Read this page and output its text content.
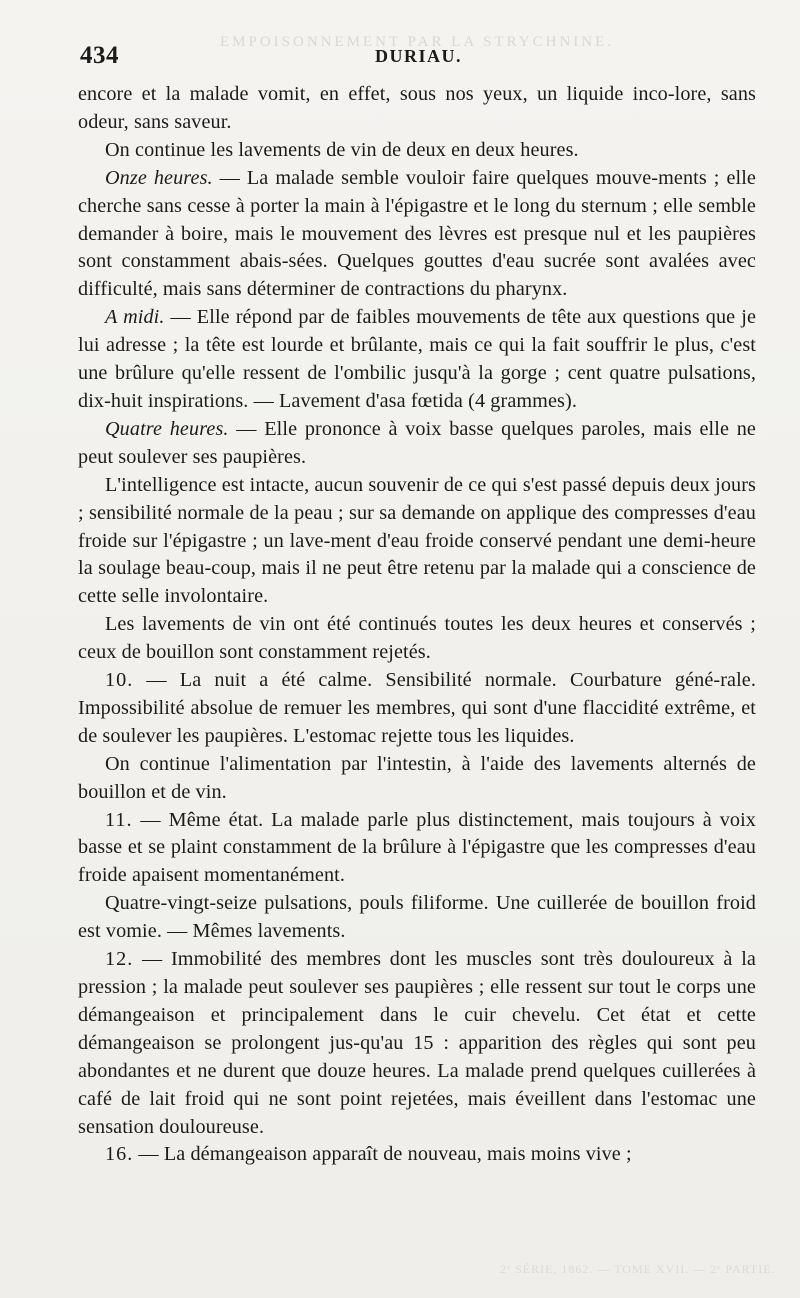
EMPOISONNEMENT PAR LA STRYCHNINE.
434	DURIAU.

encore et la malade vomit, en effet, sous nos yeux, un liquide inco-lore, sans odeur, sans saveur.

On continue les lavements de vin de deux en deux heures.

Onze heures. — La malade semble vouloir faire quelques mouve-ments ; elle cherche sans cesse à porter la main à l'épigastre et le long du sternum ; elle semble demander à boire, mais le mouvement des lèvres est presque nul et les paupières sont constamment abais-sées. Quelques gouttes d'eau sucrée sont avalées avec difficulté, mais sans déterminer de contractions du pharynx.

A midi. — Elle répond par de faibles mouvements de tête aux questions que je lui adresse ; la tête est lourde et brûlante, mais ce qui la fait souffrir le plus, c'est une brûlure qu'elle ressent de l'ombilic jusqu'à la gorge ; cent quatre pulsations, dix-huit inspirations. — Lavement d'asa fœtida (4 grammes).

Quatre heures. — Elle prononce à voix basse quelques paroles, mais elle ne peut soulever ses paupières.

L'intelligence est intacte, aucun souvenir de ce qui s'est passé depuis deux jours ; sensibilité normale de la peau ; sur sa demande on applique des compresses d'eau froide sur l'épigastre ; un lave-ment d'eau froide conservé pendant une demi-heure la soulage beau-coup, mais il ne peut être retenu par la malade qui a conscience de cette selle involontaire.

Les lavements de vin ont été continués toutes les deux heures et conservés ; ceux de bouillon sont constamment rejetés.

10. — La nuit a été calme. Sensibilité normale. Courbature géné-rale. Impossibilité absolue de remuer les membres, qui sont d'une flaccidité extrême, et de soulever les paupières. L'estomac rejette tous les liquides.

On continue l'alimentation par l'intestin, à l'aide des lavements alternés de bouillon et de vin.

11. — Même état. La malade parle plus distinctement, mais toujours à voix basse et se plaint constamment de la brûlure à l'épigastre que les compresses d'eau froide apaisent momentanément.

Quatre-vingt-seize pulsations, pouls filiforme. Une cuillerée de bouillon froid est vomie. — Mêmes lavements.

12. — Immobilité des membres dont les muscles sont très douloureux à la pression ; la malade peut soulever ses paupières ; elle ressent sur tout le corps une démangeaison et principalement dans le cuir chevelu. Cet état et cette démangeaison se prolongent jus-qu'au 15 : apparition des règles qui sont peu abondantes et ne durent que douze heures. La malade prend quelques cuillerées à café de lait froid qui ne sont point rejetées, mais éveillent dans l'estomac une sensation douloureuse.

16. — La démangeaison apparaît de nouveau, mais moins vive ;

2ᵉ SÉRIE, 1862. — TOME XVII. — 2ᵉ PARTIE.
